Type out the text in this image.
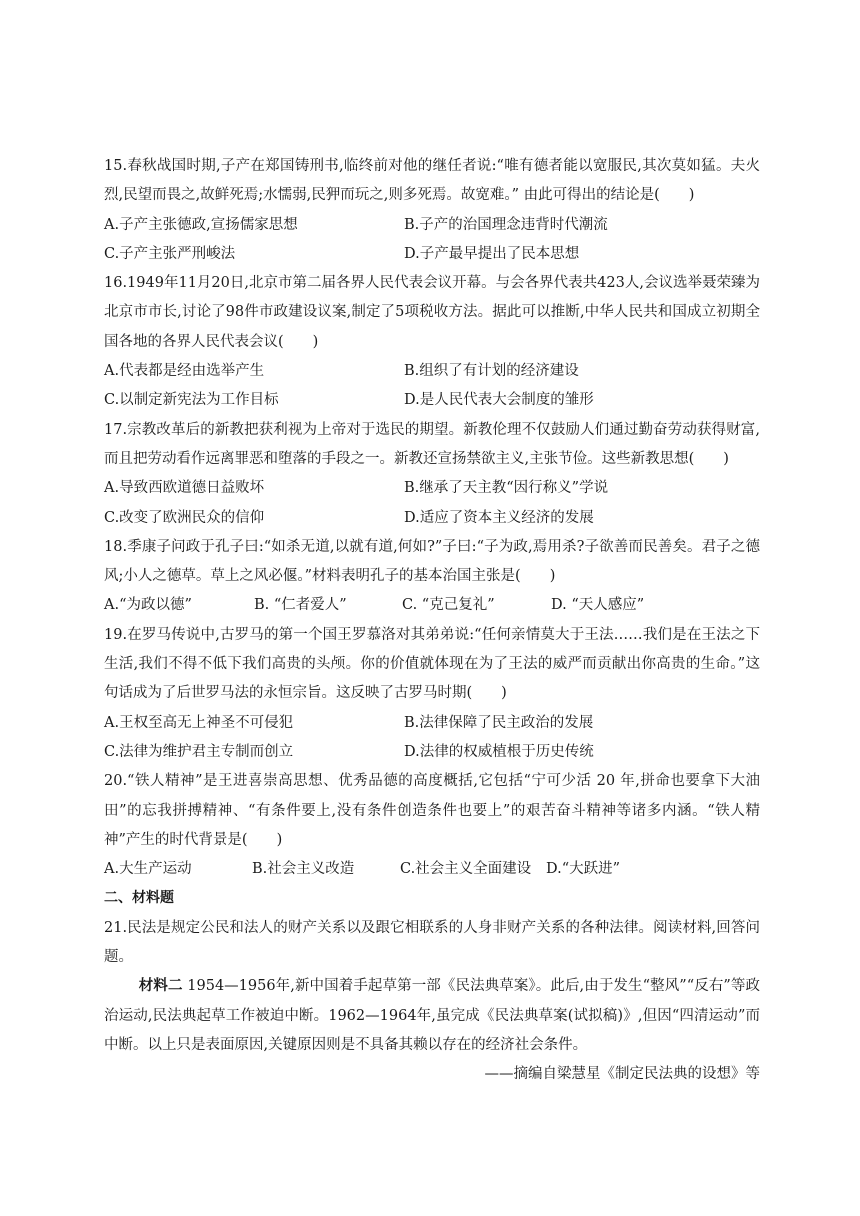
15.春秋战国时期,子产在郑国铸刑书,临终前对他的继任者说:“唯有德者能以宽服民,其次莫如猛。夫火烈,民望而畏之,故鲜死焉;水懦弱,民狎而玩之,则多死焉。故宽难。” 由此可得出的结论是(　　)

A.子产主张德政,宣扬儒家思想	B.子产的治国理念违背时代潮流
C.子产主张严刑峻法	D.子产最早提出了民本思想

16.1949年11月20日,北京市第二届各界人民代表会议开幕。与会各界代表共423人,会议选举聂荣臻为北京市市长,讨论了98件市政建设议案,制定了5项税收方法。据此可以推断,中华人民共和国成立初期全国各地的各界人民代表会议(　　)

A.代表都是经由选举产生	B.组织了有计划的经济建设
C.以制定新宪法为工作目标	D.是人民代表大会制度的雏形

17.宗教改革后的新教把获利视为上帝对于选民的期望。新教伦理不仅鼓励人们通过勤奋劳动获得财富, 而且把劳动看作远离罪恶和堕落的手段之一。新教还宣扬禁欲主义,主张节俭。这些新教思想(　　)

A.导致西欧道德日益败坏	B.继承了天主教“因行称义”学说
C.改变了欧洲民众的信仰	D.适应了资本主义经济的发展

18.季康子问政于孔子曰:“如杀无道,以就有道,何如?”子曰:“子为政,焉用杀?子欲善而民善矣。君子之德风;小人之德草。草上之风必偃。”材料表明孔子的基本治国主张是(　　)

A.“为政以德”	B. “仁者爱人”	C. “克己复礼”	D. “天人感应”

19.在罗马传说中,古罗马的第一个国王罗慕洛对其弟弟说:“任何亲情莫大于王法……我们是在王法之下生活,我们不得不低下我们高贵的头颅。你的价值就体现在为了王法的威严而贡献出你高贵的生命。”这句话成为了后世罗马法的永恒宗旨。这反映了古罗马时期(　　)

A.王权至高无上神圣不可侵犯	B.法律保障了民主政治的发展
C.法律为维护君主专制而创立	D.法律的权威植根于历史传统

20.“铁人精神”是王进喜崇高思想、优秀品德的高度概括,它包括“宁可少活 20 年,拼命也要拿下大油田”的忘我拼搏精神、“有条件要上,没有条件创造条件也要上”的艰苦奋斗精神等诸多内涵。“铁人精神”产生的时代背景是(　　)

A.大生产运动	B.社会主义改造	C.社会主义全面建设	D.“大跃进”
二、材料题

21.民法是规定公民和法人的财产关系以及跟它相联系的人身非财产关系的各种法律。阅读材料,回答问题。

材料二 1954—1956年,新中国着手起草第一部《民法典草案》。此后,由于发生“整风”“反右”等政治运动,民法典起草工作被迫中断。1962—1964年,虽完成《民法典草案(试拟稿)》,但因“四清运动”而中断。以上只是表面原因,关键原因则是不具备其赖以存在的经济社会条件。

——摘编自梁慧星《制定民法典的设想》等
